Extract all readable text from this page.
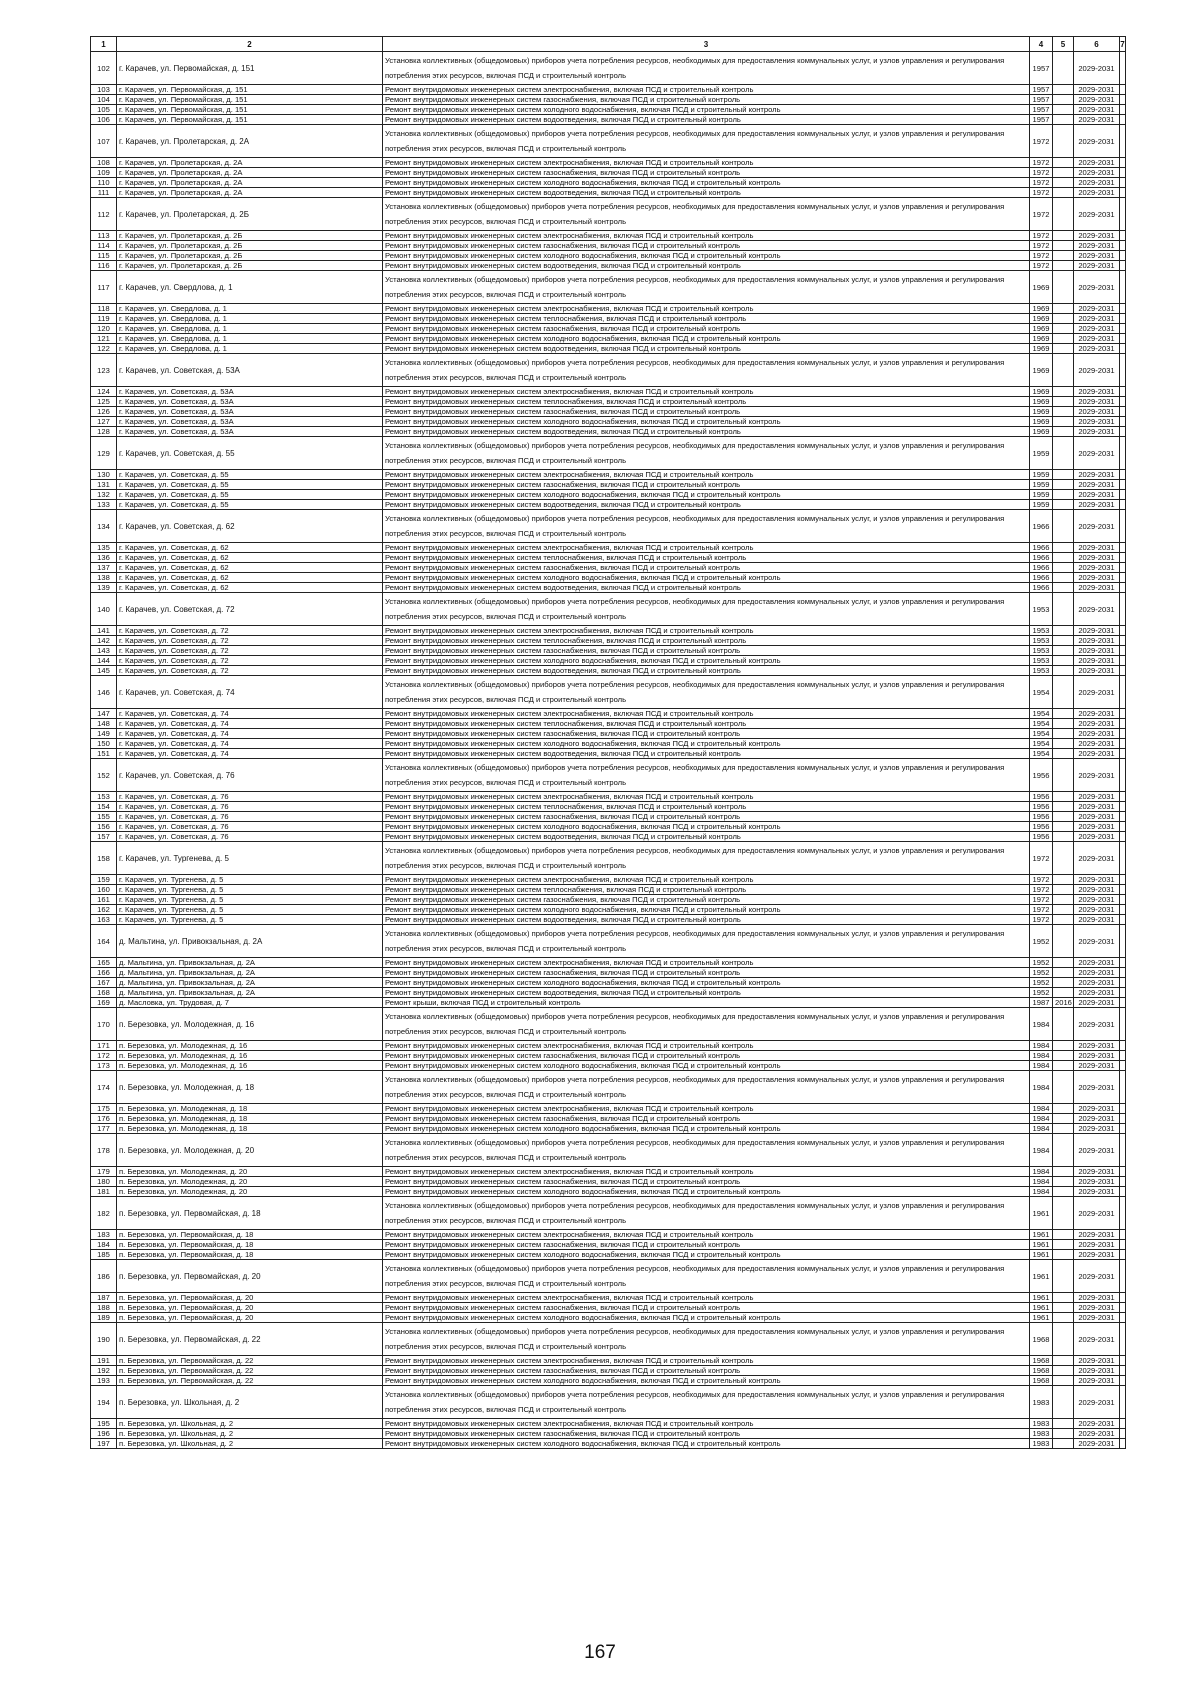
1	2	3	4	5	6	7
102	г. Карачев, ул. Первомайская, д. 151	Установка коллективных (общедомовых) приборов учета потребления ресурсов, необходимых для предоставления коммунальных услуг, и узлов управления и регулирования потребления этих ресурсов, включая ПСД и строительный контроль	1957		2029-2031	
103	г. Карачев, ул. Первомайская, д. 151	Ремонт внутридомовых инженерных систем электроснабжения, включая ПСД и строительный контроль	1957		2029-2031	
104	г. Карачев, ул. Первомайская, д. 151	Ремонт внутридомовых инженерных систем газоснабжения, включая ПСД и строительный контроль	1957		2029-2031	
105	г. Карачев, ул. Первомайская, д. 151	Ремонт внутридомовых инженерных систем холодного водоснабжения, включая ПСД и строительный контроль	1957		2029-2031	
106	г. Карачев, ул. Первомайская, д. 151	Ремонт внутридомовых инженерных систем водоотведения, включая ПСД и строительный контроль	1957		2029-2031	
107	г. Карачев, ул. Пролетарская, д. 2А	Установка коллективных (общедомовых) приборов учета потребления ресурсов, необходимых для предоставления коммунальных услуг, и узлов управления и регулирования потребления этих ресурсов, включая ПСД и строительный контроль	1972		2029-2031	
108	г. Карачев, ул. Пролетарская, д. 2А	Ремонт внутридомовых инженерных систем электроснабжения, включая ПСД и строительный контроль	1972		2029-2031	
109	г. Карачев, ул. Пролетарская, д. 2А	Ремонт внутридомовых инженерных систем газоснабжения, включая ПСД и строительный контроль	1972		2029-2031	
110	г. Карачев, ул. Пролетарская, д. 2А	Ремонт внутридомовых инженерных систем холодного водоснабжения, включая ПСД и строительный контроль	1972		2029-2031	
111	г. Карачев, ул. Пролетарская, д. 2А	Ремонт внутридомовых инженерных систем водоотведения, включая ПСД и строительный контроль	1972		2029-2031	
112	г. Карачев, ул. Пролетарская, д. 2Б	Установка коллективных (общедомовых) приборов учета потребления ресурсов, необходимых для предоставления коммунальных услуг, и узлов управления и регулирования потребления этих ресурсов, включая ПСД и строительный контроль	1972		2029-2031	
113	г. Карачев, ул. Пролетарская, д. 2Б	Ремонт внутридомовых инженерных систем электроснабжения, включая ПСД и строительный контроль	1972		2029-2031	
114	г. Карачев, ул. Пролетарская, д. 2Б	Ремонт внутридомовых инженерных систем газоснабжения, включая ПСД и строительный контроль	1972		2029-2031	
115	г. Карачев, ул. Пролетарская, д. 2Б	Ремонт внутридомовых инженерных систем холодного водоснабжения, включая ПСД и строительный контроль	1972		2029-2031	
116	г. Карачев, ул. Пролетарская, д. 2Б	Ремонт внутридомовых инженерных систем водоотведения, включая ПСД и строительный контроль	1972		2029-2031	
117	г. Карачев, ул. Свердлова, д. 1	Установка коллективных (общедомовых) приборов учета потребления ресурсов, необходимых для предоставления коммунальных услуг, и узлов управления и регулирования потребления этих ресурсов, включая ПСД и строительный контроль	1969		2029-2031	
118	г. Карачев, ул. Свердлова, д. 1	Ремонт внутридомовых инженерных систем электроснабжения, включая ПСД и строительный контроль	1969		2029-2031	
119	г. Карачев, ул. Свердлова, д. 1	Ремонт внутридомовых инженерных систем теплоснабжения, включая ПСД и строительный контроль	1969		2029-2031	
120	г. Карачев, ул. Свердлова, д. 1	Ремонт внутридомовых инженерных систем газоснабжения, включая ПСД и строительный контроль	1969		2029-2031	
121	г. Карачев, ул. Свердлова, д. 1	Ремонт внутридомовых инженерных систем холодного водоснабжения, включая ПСД и строительный контроль	1969		2029-2031	
122	г. Карачев, ул. Свердлова, д. 1	Ремонт внутридомовых инженерных систем водоотведения, включая ПСД и строительный контроль	1969		2029-2031	
123	г. Карачев, ул. Советская, д. 53А	Установка коллективных (общедомовых) приборов учета потребления ресурсов, необходимых для предоставления коммунальных услуг, и узлов управления и регулирования потребления этих ресурсов, включая ПСД и строительный контроль	1969		2029-2031	
124	г. Карачев, ул. Советская, д. 53А	Ремонт внутридомовых инженерных систем электроснабжения, включая ПСД и строительный контроль	1969		2029-2031	
125	г. Карачев, ул. Советская, д. 53А	Ремонт внутридомовых инженерных систем теплоснабжения, включая ПСД и строительный контроль	1969		2029-2031	
126	г. Карачев, ул. Советская, д. 53А	Ремонт внутридомовых инженерных систем газоснабжения, включая ПСД и строительный контроль	1969		2029-2031	
127	г. Карачев, ул. Советская, д. 53А	Ремонт внутридомовых инженерных систем холодного водоснабжения, включая ПСД и строительный контроль	1969		2029-2031	
128	г. Карачев, ул. Советская, д. 53А	Ремонт внутридомовых инженерных систем водоотведения, включая ПСД и строительный контроль	1969		2029-2031	
129	г. Карачев, ул. Советская, д. 55	Установка коллективных (общедомовых) приборов учета потребления ресурсов, необходимых для предоставления коммунальных услуг, и узлов управления и регулирования потребления этих ресурсов, включая ПСД и строительный контроль	1959		2029-2031	
130	г. Карачев, ул. Советская, д. 55	Ремонт внутридомовых инженерных систем электроснабжения, включая ПСД и строительный контроль	1959		2029-2031	
131	г. Карачев, ул. Советская, д. 55	Ремонт внутридомовых инженерных систем газоснабжения, включая ПСД и строительный контроль	1959		2029-2031	
132	г. Карачев, ул. Советская, д. 55	Ремонт внутридомовых инженерных систем холодного водоснабжения, включая ПСД и строительный контроль	1959		2029-2031	
133	г. Карачев, ул. Советская, д. 55	Ремонт внутридомовых инженерных систем водоотведения, включая ПСД и строительный контроль	1959		2029-2031	
134	г. Карачев, ул. Советская, д. 62	Установка коллективных (общедомовых) приборов учета потребления ресурсов, необходимых для предоставления коммунальных услуг, и узлов управления и регулирования потребления этих ресурсов, включая ПСД и строительный контроль	1966		2029-2031	
135	г. Карачев, ул. Советская, д. 62	Ремонт внутридомовых инженерных систем электроснабжения, включая ПСД и строительный контроль	1966		2029-2031	
136	г. Карачев, ул. Советская, д. 62	Ремонт внутридомовых инженерных систем теплоснабжения, включая ПСД и строительный контроль	1966		2029-2031	
137	г. Карачев, ул. Советская, д. 62	Ремонт внутридомовых инженерных систем газоснабжения, включая ПСД и строительный контроль	1966		2029-2031	
138	г. Карачев, ул. Советская, д. 62	Ремонт внутридомовых инженерных систем холодного водоснабжения, включая ПСД и строительный контроль	1966		2029-2031	
139	г. Карачев, ул. Советская, д. 62	Ремонт внутридомовых инженерных систем водоотведения, включая ПСД и строительный контроль	1966		2029-2031	
140	г. Карачев, ул. Советская, д. 72	Установка коллективных (общедомовых) приборов учета потребления ресурсов, необходимых для предоставления коммунальных услуг, и узлов управления и регулирования потребления этих ресурсов, включая ПСД и строительный контроль	1953		2029-2031	
141	г. Карачев, ул. Советская, д. 72	Ремонт внутридомовых инженерных систем электроснабжения, включая ПСД и строительный контроль	1953		2029-2031	
142	г. Карачев, ул. Советская, д. 72	Ремонт внутридомовых инженерных систем теплоснабжения, включая ПСД и строительный контроль	1953		2029-2031	
143	г. Карачев, ул. Советская, д. 72	Ремонт внутридомовых инженерных систем газоснабжения, включая ПСД и строительный контроль	1953		2029-2031	
144	г. Карачев, ул. Советская, д. 72	Ремонт внутридомовых инженерных систем холодного водоснабжения, включая ПСД и строительный контроль	1953		2029-2031	
145	г. Карачев, ул. Советская, д. 72	Ремонт внутридомовых инженерных систем водоотведения, включая ПСД и строительный контроль	1953		2029-2031	
146	г. Карачев, ул. Советская, д. 74	Установка коллективных (общедомовых) приборов учета потребления ресурсов, необходимых для предоставления коммунальных услуг, и узлов управления и регулирования потребления этих ресурсов, включая ПСД и строительный контроль	1954		2029-2031	
147	г. Карачев, ул. Советская, д. 74	Ремонт внутридомовых инженерных систем электроснабжения, включая ПСД и строительный контроль	1954		2029-2031	
148	г. Карачев, ул. Советская, д. 74	Ремонт внутридомовых инженерных систем теплоснабжения, включая ПСД и строительный контроль	1954		2029-2031	
149	г. Карачев, ул. Советская, д. 74	Ремонт внутридомовых инженерных систем газоснабжения, включая ПСД и строительный контроль	1954		2029-2031	
150	г. Карачев, ул. Советская, д. 74	Ремонт внутридомовых инженерных систем холодного водоснабжения, включая ПСД и строительный контроль	1954		2029-2031	
151	г. Карачев, ул. Советская, д. 74	Ремонт внутридомовых инженерных систем водоотведения, включая ПСД и строительный контроль	1954		2029-2031	
152	г. Карачев, ул. Советская, д. 76	Установка коллективных (общедомовых) приборов учета потребления ресурсов, необходимых для предоставления коммунальных услуг, и узлов управления и регулирования потребления этих ресурсов, включая ПСД и строительный контроль	1956		2029-2031	
153	г. Карачев, ул. Советская, д. 76	Ремонт внутридомовых инженерных систем электроснабжения, включая ПСД и строительный контроль	1956		2029-2031	
154	г. Карачев, ул. Советская, д. 76	Ремонт внутридомовых инженерных систем теплоснабжения, включая ПСД и строительный контроль	1956		2029-2031	
155	г. Карачев, ул. Советская, д. 76	Ремонт внутридомовых инженерных систем газоснабжения, включая ПСД и строительный контроль	1956		2029-2031	
156	г. Карачев, ул. Советская, д. 76	Ремонт внутридомовых инженерных систем холодного водоснабжения, включая ПСД и строительный контроль	1956		2029-2031	
157	г. Карачев, ул. Советская, д. 76	Ремонт внутридомовых инженерных систем водоотведения, включая ПСД и строительный контроль	1956		2029-2031	
158	г. Карачев, ул. Тургенева, д. 5	Установка коллективных (общедомовых) приборов учета потребления ресурсов, необходимых для предоставления коммунальных услуг, и узлов управления и регулирования потребления этих ресурсов, включая ПСД и строительный контроль	1972		2029-2031	
159	г. Карачев, ул. Тургенева, д. 5	Ремонт внутридомовых инженерных систем электроснабжения, включая ПСД и строительный контроль	1972		2029-2031	
160	г. Карачев, ул. Тургенева, д. 5	Ремонт внутридомовых инженерных систем теплоснабжения, включая ПСД и строительный контроль	1972		2029-2031	
161	г. Карачев, ул. Тургенева, д. 5	Ремонт внутридомовых инженерных систем газоснабжения, включая ПСД и строительный контроль	1972		2029-2031	
162	г. Карачев, ул. Тургенева, д. 5	Ремонт внутридомовых инженерных систем холодного водоснабжения, включая ПСД и строительный контроль	1972		2029-2031	
163	г. Карачев, ул. Тургенева, д. 5	Ремонт внутридомовых инженерных систем водоотведения, включая ПСД и строительный контроль	1972		2029-2031	
164	д. Мальтина, ул. Привокзальная, д. 2А	Установка коллективных (общедомовых) приборов учета потребления ресурсов, необходимых для предоставления коммунальных услуг, и узлов управления и регулирования потребления этих ресурсов, включая ПСД и строительный контроль	1952		2029-2031	
165	д. Мальтина, ул. Привокзальная, д. 2А	Ремонт внутридомовых инженерных систем электроснабжения, включая ПСД и строительный контроль	1952		2029-2031	
166	д. Мальтина, ул. Привокзальная, д. 2А	Ремонт внутридомовых инженерных систем газоснабжения, включая ПСД и строительный контроль	1952		2029-2031	
167	д. Мальтина, ул. Привокзальная, д. 2А	Ремонт внутридомовых инженерных систем холодного водоснабжения, включая ПСД и строительный контроль	1952		2029-2031	
168	д. Мальтина, ул. Привокзальная, д. 2А	Ремонт внутридомовых инженерных систем водоотведения, включая ПСД и строительный контроль	1952		2029-2031	
169	д. Масловка, ул. Трудовая, д. 7	Ремонт крыши, включая ПСД и строительный контроль	1987	2016	2029-2031	
170	п. Березовка, ул. Молодежная, д. 16	Установка коллективных (общедомовых) приборов учета потребления ресурсов, необходимых для предоставления коммунальных услуг, и узлов управления и регулирования потребления этих ресурсов, включая ПСД и строительный контроль	1984		2029-2031	
171	п. Березовка, ул. Молодежная, д. 16	Ремонт внутридомовых инженерных систем электроснабжения, включая ПСД и строительный контроль	1984		2029-2031	
172	п. Березовка, ул. Молодежная, д. 16	Ремонт внутридомовых инженерных систем газоснабжения, включая ПСД и строительный контроль	1984		2029-2031	
173	п. Березовка, ул. Молодежная, д. 16	Ремонт внутридомовых инженерных систем холодного водоснабжения, включая ПСД и строительный контроль	1984		2029-2031	
174	п. Березовка, ул. Молодежная, д. 18	Установка коллективных (общедомовых) приборов учета потребления ресурсов, необходимых для предоставления коммунальных услуг, и узлов управления и регулирования потребления этих ресурсов, включая ПСД и строительный контроль	1984		2029-2031	
175	п. Березовка, ул. Молодежная, д. 18	Ремонт внутридомовых инженерных систем электроснабжения, включая ПСД и строительный контроль	1984		2029-2031	
176	п. Березовка, ул. Молодежная, д. 18	Ремонт внутридомовых инженерных систем газоснабжения, включая ПСД и строительный контроль	1984		2029-2031	
177	п. Березовка, ул. Молодежная, д. 18	Ремонт внутридомовых инженерных систем холодного водоснабжения, включая ПСД и строительный контроль	1984		2029-2031	
178	п. Березовка, ул. Молодежная, д. 20	Установка коллективных (общедомовых) приборов учета потребления ресурсов, необходимых для предоставления коммунальных услуг, и узлов управления и регулирования потребления этих ресурсов, включая ПСД и строительный контроль	1984		2029-2031	
179	п. Березовка, ул. Молодежная, д. 20	Ремонт внутридомовых инженерных систем электроснабжения, включая ПСД и строительный контроль	1984		2029-2031	
180	п. Березовка, ул. Молодежная, д. 20	Ремонт внутридомовых инженерных систем газоснабжения, включая ПСД и строительный контроль	1984		2029-2031	
181	п. Березовка, ул. Молодежная, д. 20	Ремонт внутридомовых инженерных систем холодного водоснабжения, включая ПСД и строительный контроль	1984		2029-2031	
182	п. Березовка, ул. Первомайская, д. 18	Установка коллективных (общедомовых) приборов учета потребления ресурсов, необходимых для предоставления коммунальных услуг, и узлов управления и регулирования потребления этих ресурсов, включая ПСД и строительный контроль	1961		2029-2031	
183	п. Березовка, ул. Первомайская, д. 18	Ремонт внутридомовых инженерных систем электроснабжения, включая ПСД и строительный контроль	1961		2029-2031	
184	п. Березовка, ул. Первомайская, д. 18	Ремонт внутридомовых инженерных систем газоснабжения, включая ПСД и строительный контроль	1961		2029-2031	
185	п. Березовка, ул. Первомайская, д. 18	Ремонт внутридомовых инженерных систем холодного водоснабжения, включая ПСД и строительный контроль	1961		2029-2031	
186	п. Березовка, ул. Первомайская, д. 20	Установка коллективных (общедомовых) приборов учета потребления ресурсов, необходимых для предоставления коммунальных услуг, и узлов управления и регулирования потребления этих ресурсов, включая ПСД и строительный контроль	1961		2029-2031	
187	п. Березовка, ул. Первомайская, д. 20	Ремонт внутридомовых инженерных систем электроснабжения, включая ПСД и строительный контроль	1961		2029-2031	
188	п. Березовка, ул. Первомайская, д. 20	Ремонт внутридомовых инженерных систем газоснабжения, включая ПСД и строительный контроль	1961		2029-2031	
189	п. Березовка, ул. Первомайская, д. 20	Ремонт внутридомовых инженерных систем холодного водоснабжения, включая ПСД и строительный контроль	1961		2029-2031	
190	п. Березовка, ул. Первомайская, д. 22	Установка коллективных (общедомовых) приборов учета потребления ресурсов, необходимых для предоставления коммунальных услуг, и узлов управления и регулирования потребления этих ресурсов, включая ПСД и строительный контроль	1968		2029-2031	
191	п. Березовка, ул. Первомайская, д. 22	Ремонт внутридомовых инженерных систем электроснабжения, включая ПСД и строительный контроль	1968		2029-2031	
192	п. Березовка, ул. Первомайская, д. 22	Ремонт внутридомовых инженерных систем газоснабжения, включая ПСД и строительный контроль	1968		2029-2031	
193	п. Березовка, ул. Первомайская, д. 22	Ремонт внутридомовых инженерных систем холодного водоснабжения, включая ПСД и строительный контроль	1968		2029-2031	
194	п. Березовка, ул. Школьная, д. 2	Установка коллективных (общедомовых) приборов учета потребления ресурсов, необходимых для предоставления коммунальных услуг, и узлов управления и регулирования потребления этих ресурсов, включая ПСД и строительный контроль	1983		2029-2031	
195	п. Березовка, ул. Школьная, д. 2	Ремонт внутридомовых инженерных систем электроснабжения, включая ПСД и строительный контроль	1983		2029-2031	
196	п. Березовка, ул. Школьная, д. 2	Ремонт внутридомовых инженерных систем газоснабжения, включая ПСД и строительный контроль	1983		2029-2031	
197	п. Березовка, ул. Школьная, д. 2	Ремонт внутридомовых инженерных систем холодного водоснабжения, включая ПСД и строительный контроль	1983		2029-2031	
167
